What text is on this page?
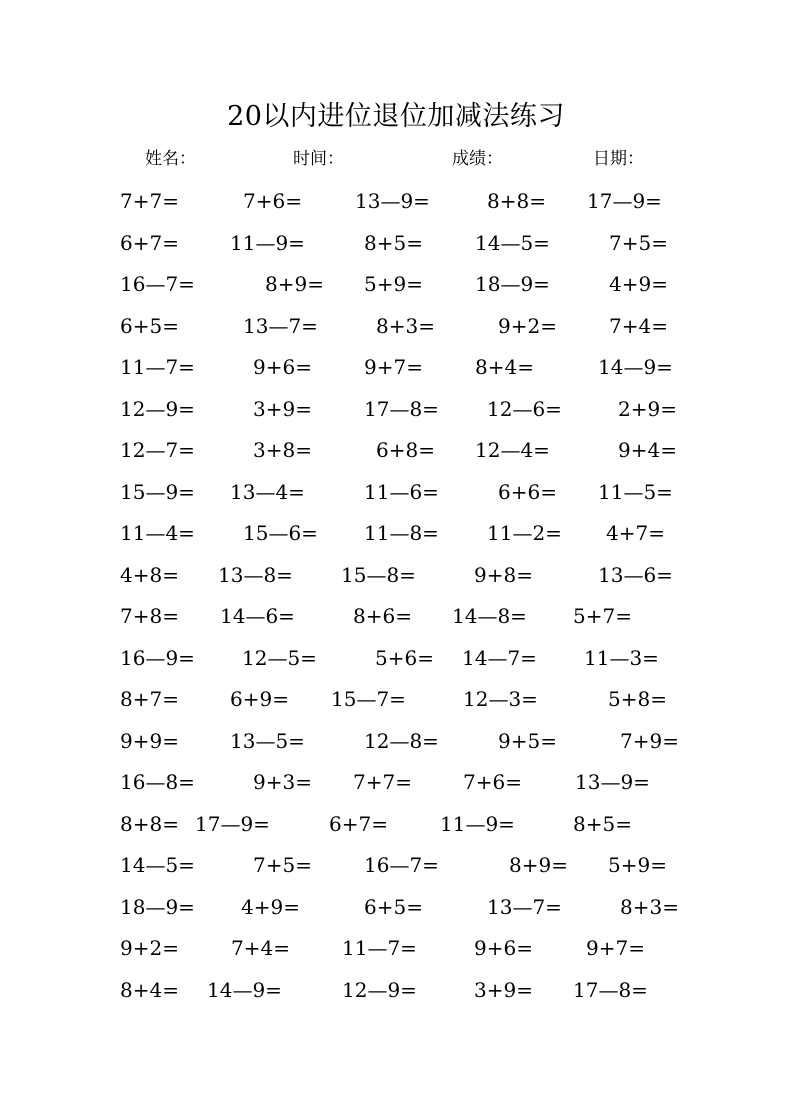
20以内进位退位加减法练习
姓名：	时间：	成绩：	日期：
7+7=	7+6=	13—9=	8+8= 17—9=
6+7=	11—9=	8+5=	14—5=	7+5=
16—7=	8+9= 5+9=	18—9=	4+9=
6+5=	13—7=	8+3=	9+2=	7+4=
11—7=	9+6=	9+7=	8+4=	14—9=
12—9=	3+9=	17—8= 12—6=	2+9=
12—7=	3+8=	6+8= 12—4=	9+4=
15—9= 13—4=	11—6=	6+6= 11—5=
11—4= 15—6= 11—8= 11—2= 4+7=
4+8= 13—8= 15—8=	9+8=	13—6=
7+8= 14—6=	8+6= 14—8= 5+7=
16—9= 12—5=	5+6= 14—7= 11—3=
8+7=	6+9= 15—7=	12—3=	5+8=
9+9=	13—5=	12—8=	9+5=	7+9=
16—8=	9+3= 7+7=	7+6=	13—9=
8+8= 17—9=	6+7=	11—9=	8+5=
14—5=	7+5=	16—7=	8+9= 5+9=
18—9= 4+9=	6+5=	13—7=	8+3=
9+2=	7+4=	11—7=	9+6=	9+7=
8+4= 14—9=	12—9=	3+9= 17—8=
